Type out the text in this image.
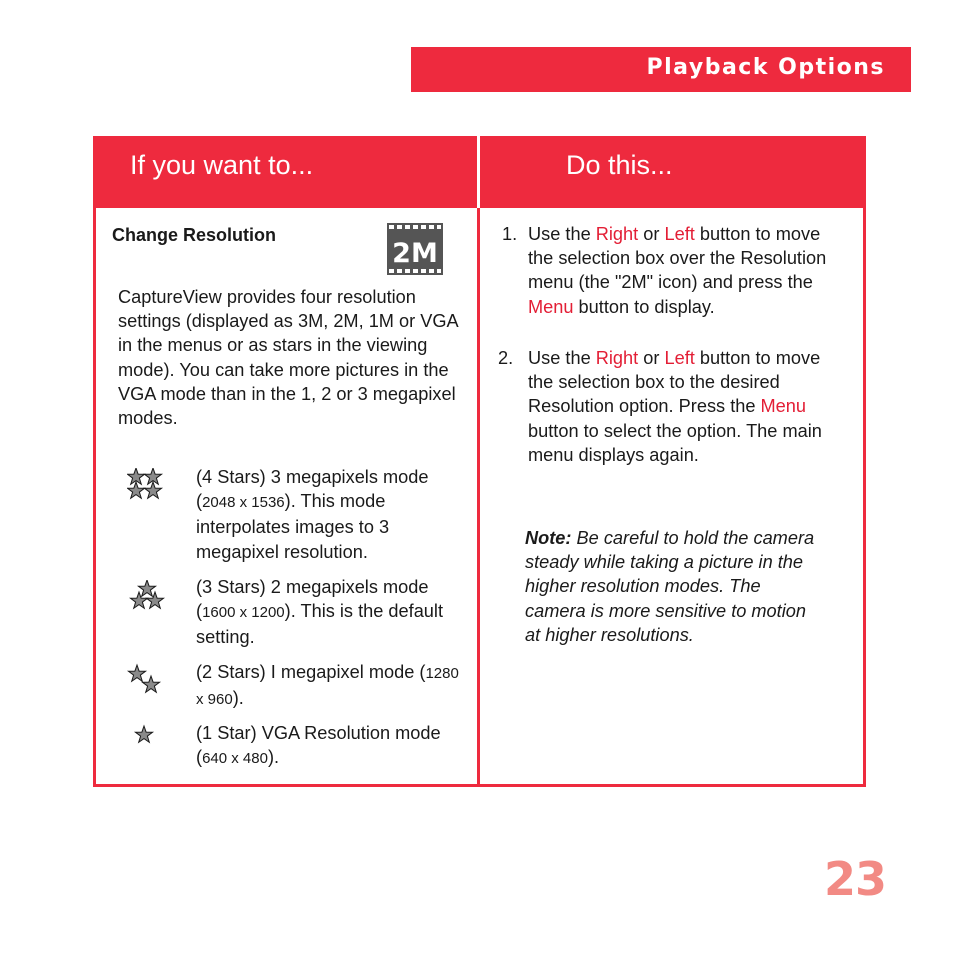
Playback Options
If you want to...	Do this...
Change Resolution
2M
CaptureView provides four resolution settings (displayed as 3M, 2M, 1M or VGA in the menus or as stars in the viewing mode). You can take more pictures in the VGA mode than in the 1, 2 or 3 megapixel modes.
(4 Stars) 3 megapixels mode (2048 x 1536). This mode interpolates images to 3 megapixel resolution.
(3 Stars) 2 megapixels mode (1600 x 1200). This is the default setting.
(2 Stars) I megapixel mode (1280 x 960).
(1 Star) VGA Resolution mode (640 x 480).
1. Use the Right or Left button to move the selection box over the Resolution menu (the "2M" icon) and press the Menu button to display.
2. Use the Right or Left button to move the selection box to the desired Resolution option. Press the Menu button to select the option. The main menu displays again.
Note: Be careful to hold the camera steady while taking a picture in the higher resolution modes. The camera is more sensitive to motion at higher resolutions.
23
